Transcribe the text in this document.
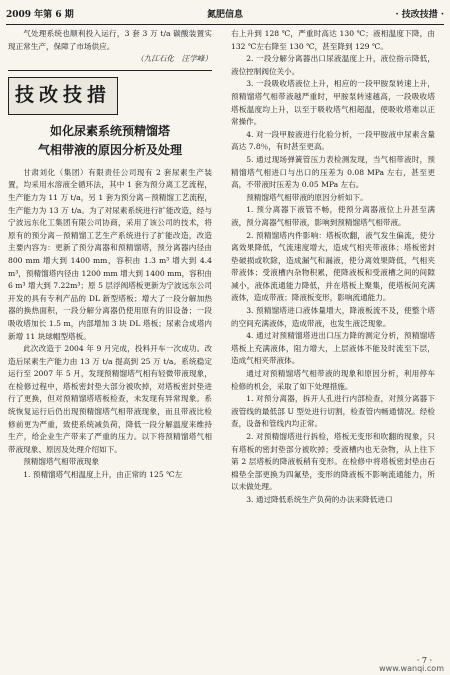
2009 年第 6 期	氮肥信息	· 技改技措 ·

气处理系统也顺利投入运行，3 套 3 万 t/a 碳酸装置实现正常生产，保障了市场供应。

（九江石化　汪学峰）
技改技措
如化尿素系统预精馏塔
气相带液的原因分析及处理

甘肃刘化（集团）有限责任公司现有 2 套尿素生产装置，均采用水溶液全循环法，其中 1 套为预分离工艺流程，生产能力为 11 万 t/a，另 1 套为预分离－预精馏工艺流程，生产能力为 13 万 t/a。为了对尿素系统进行扩能改造，经与宁波远东化工集团有限公司协商，采用了该公司的技术，将原有的预分离－预精馏工艺生产系统进行了扩能改造，改造主要内容为：更新了预分离器和预精馏塔，预分离器内径由 800 mm 增大到 1400 mm，容积由 1.3 m³ 增大到 4.4 m³，预精馏塔内径由 1200 mm 增大到 1400 mm，容积由 6 m³ 增大到 7.22m³；原 5 层浮阀塔板更新为宁波远东公司开发的具有专利产品的 DL 新型塔板；增大了一段分解加热器的换热面积，一段分解分离器仍使用原有的旧设备；一段吸收塔加长 1.5 m，内部增加 3 块 DL 塔板；尿素合成塔内新增 11 块球帽型塔板。

此次改造于 2004 年 9 月完成，投料开车一次成功。改造后尿素生产能力由 13 万 t/a 提高到 25 万 t/a。系统稳定运行至 2007 年 5 月，发现预精馏塔气相有轻微带液现象，在检修过程中，塔板密封垫大部分被吹掉，对塔板密封垫进行了更换，但对预精馏塔塔板检查，未发现有异常现象。系统恢复运行后仍出现预精馏塔气相带液现象，而且带液比检修前更为严重，致使系统减负荷，降低一段分解温度来维持生产，给企业生产带来了严重的压力。以下将预精馏塔气相带液现象、原因及处理介绍如下。

预精馏塔气相带液现象

1. 预精馏塔气相温度上升，由正常的 125 ℃左

右上升到 128 ℃，严重时高达 130 ℃；液相温度下降，由 132 ℃左右降至 130 ℃，甚至降到 129 ℃。

2. 一段分解分离器出口尿液温度上升，液位指示降低，液位控制阀位关小。

3. 一段吸收塔液位上升，相应的一段甲胺泵转速上升，预精馏塔气相带液越严重时，甲胺泵转速越高，一段吸收塔塔板温度均上升，以至于吸收塔气相超温，使吸收塔难以正常操作。

4. 对一段甲胺液进行化验分析，一段甲胺液中尿素含量高达 7.8％，有时甚至更高。

5. 通过现场弹簧管压力表检测发现，当气相带液时，预精馏塔气相进口与出口的压差为 0.08 MPa 左右，甚至更高，不带液时压差为 0.05 MPa 左右。

预精馏塔气相带液的原因分析如下。

1. 预分离器下液管不畅，使预分离器液位上升甚至满液，预分离器气相带液，影响到预精馏塔气相带液。

2. 预精馏塔内件影响：塔板吹翻，液气发生偏流，使分离效果降低，气流速度增大，造成气相夹带液体；塔板密封垫破损或吹除，造成漏气和漏液，使分离效果降低，气相夹带液体；受液槽内杂物积累，使降液板和受液槽之间的间隙减小，液体流通能力降低，并在塔板上聚集，使塔板间充满液体，造成带液；降液板变形，影响流通能力。

3. 预精馏塔进口液体量增大，降液板流不及，使整个塔的空间充满液体，造成带液，也发生液泛现象。

4. 通过对预精馏塔进出口压力降的测定分析，预精馏塔塔板上充满液体，阻力增大，上层液体不能及时流至下层，造成气相夹带液体。

通过对预精馏塔气相带液的现象和原因分析，利用停车检修的机会，采取了如下处理措施。

1. 对预分离器，拆开人孔进行内部检查，对预分离器下液管线的最低部 U 型处进行切割，检查管内畅通情况。经检查，设备和管线内均正常。

2. 对预精馏塔进行拆检，塔板无变形和吹翻的现象，只有塔板的密封垫部分被吹掉；受液槽内也无杂物，从上往下第 2 层塔板的降液板稍有变形。在检修中将塔板密封垫由石棉垫全部更换为四氟垫，变形的降液板不影响流通能力，所以未做处理。

3. 通过降低系统生产负荷的办法来降低进口

· 7 ·
www.wanqi.com
